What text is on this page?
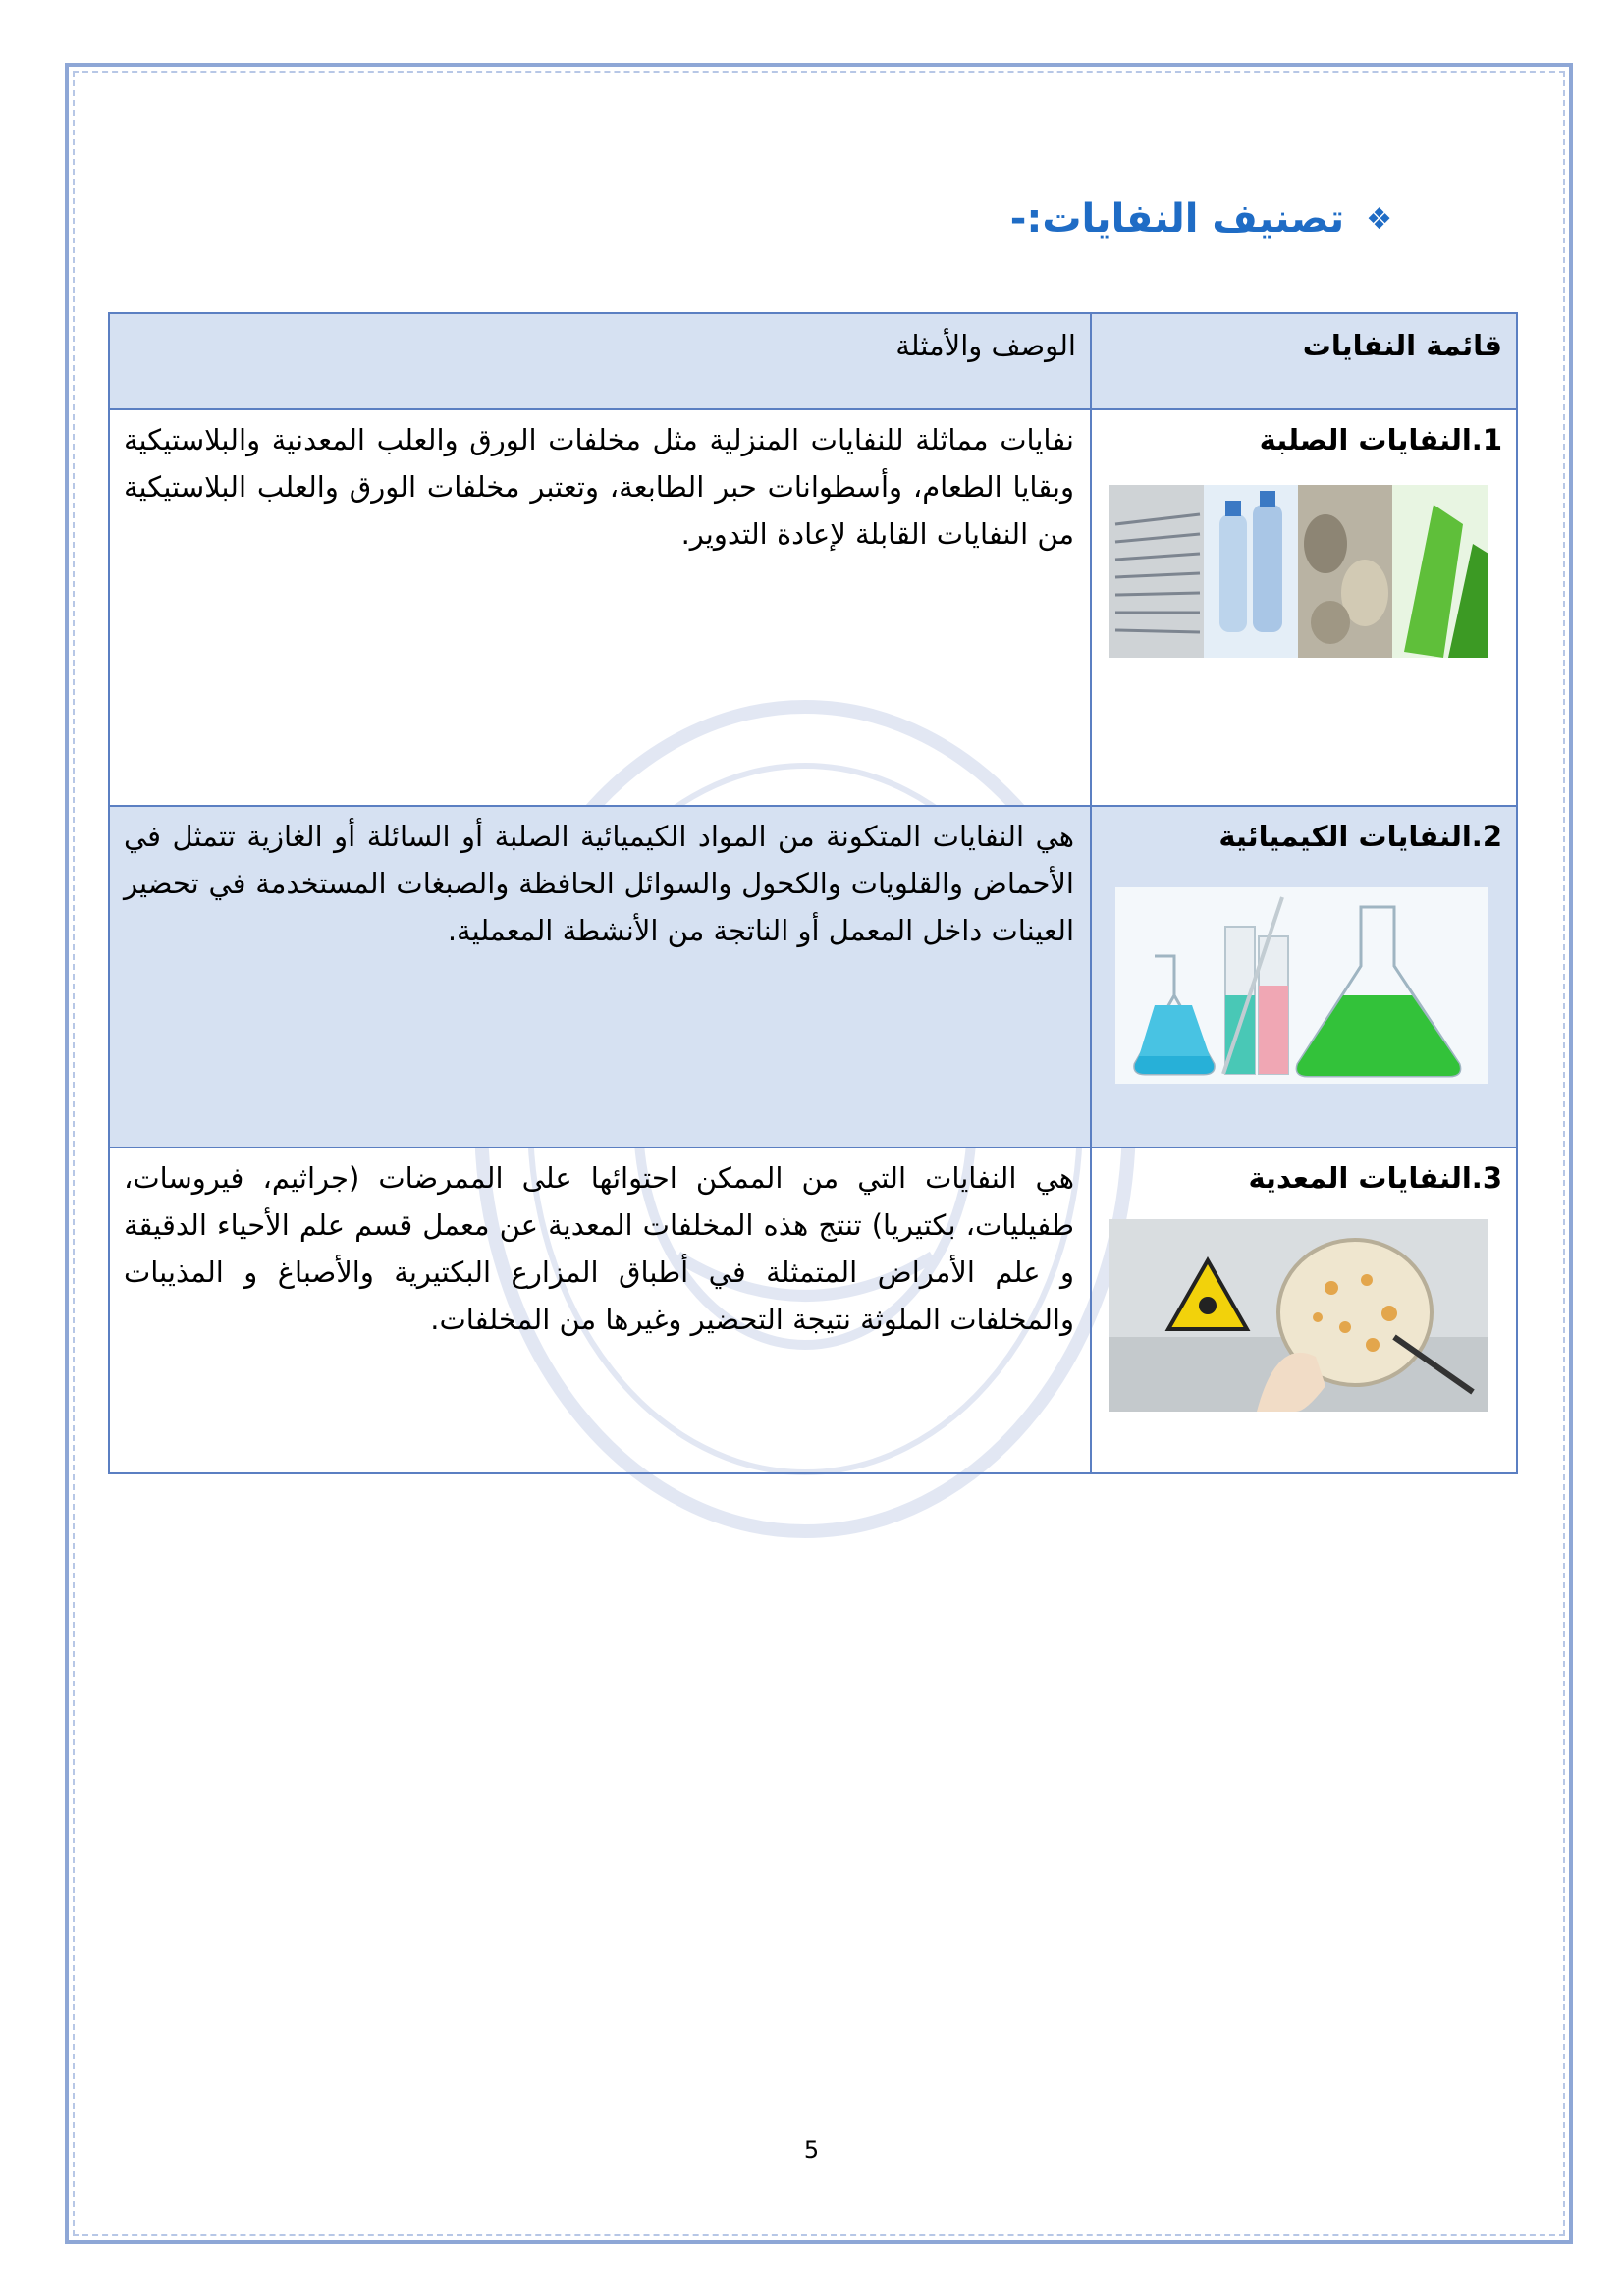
❖
تصنيف النفايات:-
قائمة النفايات	الوصف والأمثلة

1.النفايات الصلبة	نفايات مماثلة للنفايات المنزلية مثل مخلفات الورق والعلب المعدنية والبلاستيكية وبقايا الطعام، وأسطوانات حبر الطابعة، وتعتبر مخلفات الورق والعلب البلاستيكية من النفايات القابلة لإعادة التدوير.

2.النفايات الكيميائية	هي النفايات المتكونة من المواد الكيميائية الصلبة أو السائلة أو الغازية تتمثل في الأحماض والقلويات والكحول والسوائل الحافظة والصبغات المستخدمة في تحضير العينات داخل المعمل أو الناتجة من الأنشطة المعملية.

3.النفايات المعدية	هي النفايات التي من الممكن احتوائها على الممرضات (جراثيم، فيروسات، طفيليات، بكتيريا) تنتج هذه المخلفات المعدية عن معمل قسم علم الأحياء الدقيقة و علم الأمراض المتمثلة في أطباق المزارع البكتيرية والأصباغ و المذيبات والمخلفات الملوثة نتيجة التحضير وغيرها من المخلفات.
5
